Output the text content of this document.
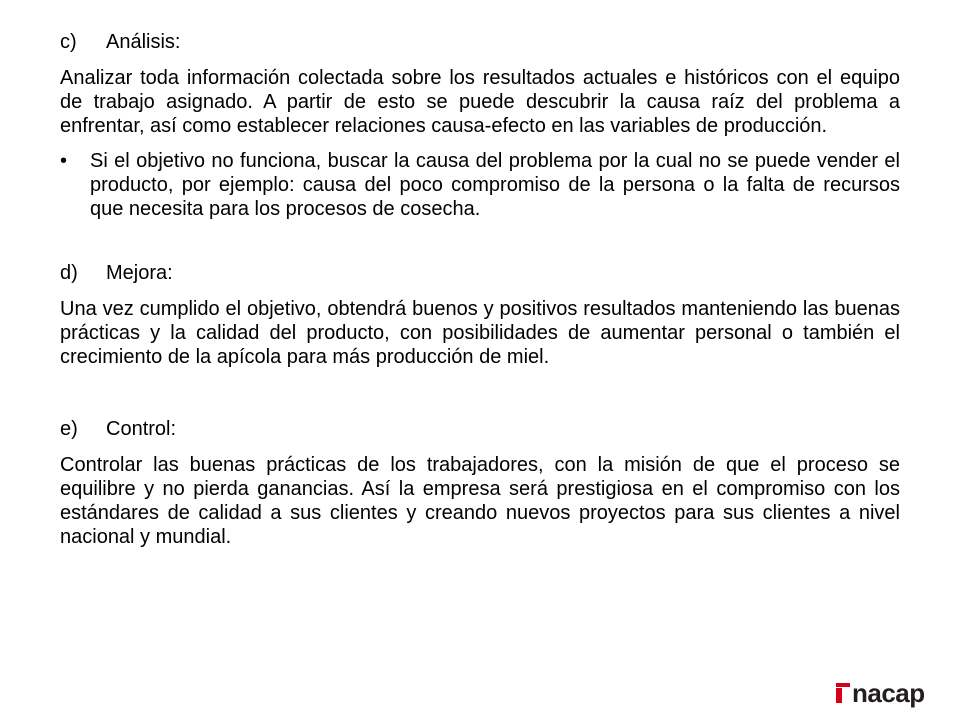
c)	Análisis:

Analizar toda información colectada sobre los resultados actuales e históricos con el equipo de trabajo asignado. A partir de esto se puede descubrir la causa raíz del problema a enfrentar, así como establecer relaciones causa-efecto en las variables de producción.

•	Si el objetivo no funciona, buscar la causa del problema por la cual no se puede vender el producto, por ejemplo: causa del poco compromiso de la persona o la falta de recursos que necesita para los procesos de cosecha.
d)	Mejora:

Una vez cumplido el objetivo, obtendrá buenos y positivos resultados manteniendo las buenas prácticas y la calidad del producto, con posibilidades de aumentar personal o también el crecimiento de la apícola para más producción de miel.

e)	Control:

Controlar las buenas prácticas de los trabajadores, con la misión de que el proceso se equilibre y no pierda ganancias. Así la empresa será prestigiosa en el compromiso con los estándares de calidad a sus clientes y creando nuevos proyectos para sus clientes a nivel nacional y mundial.

nacap
